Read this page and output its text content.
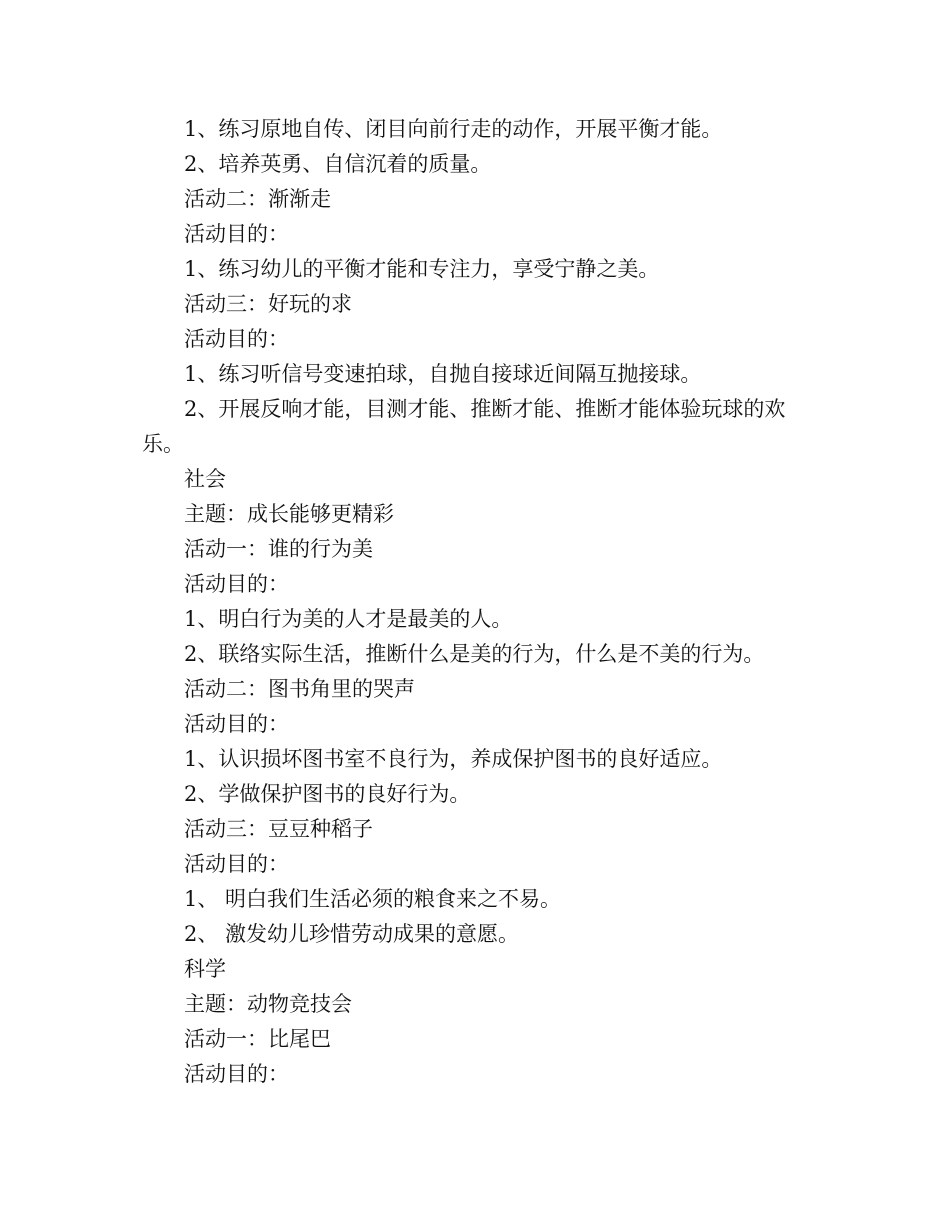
1、练习原地自传、闭目向前行走的动作，开展平衡才能。
2、培养英勇、自信沉着的质量。
活动二：渐渐走
活动目的：
1、练习幼儿的平衡才能和专注力，享受宁静之美。
活动三：好玩的求
活动目的：
1、练习听信号变速拍球，自抛自接球近间隔互抛接球。
2、开展反响才能，目测才能、推断才能、推断才能体验玩球的欢
乐。
社会
主题：成长能够更精彩
活动一：谁的行为美
活动目的：
1、明白行为美的人才是最美的人。
2、联络实际生活，推断什么是美的行为，什么是不美的行为。
活动二：图书角里的哭声
活动目的：
1、认识损坏图书室不良行为，养成保护图书的良好适应。
2、学做保护图书的良好行为。
活动三：豆豆种稻子
活动目的：
1、 明白我们生活必须的粮食来之不易。
2、 激发幼儿珍惜劳动成果的意愿。
科学
主题：动物竞技会
活动一：比尾巴
活动目的：
